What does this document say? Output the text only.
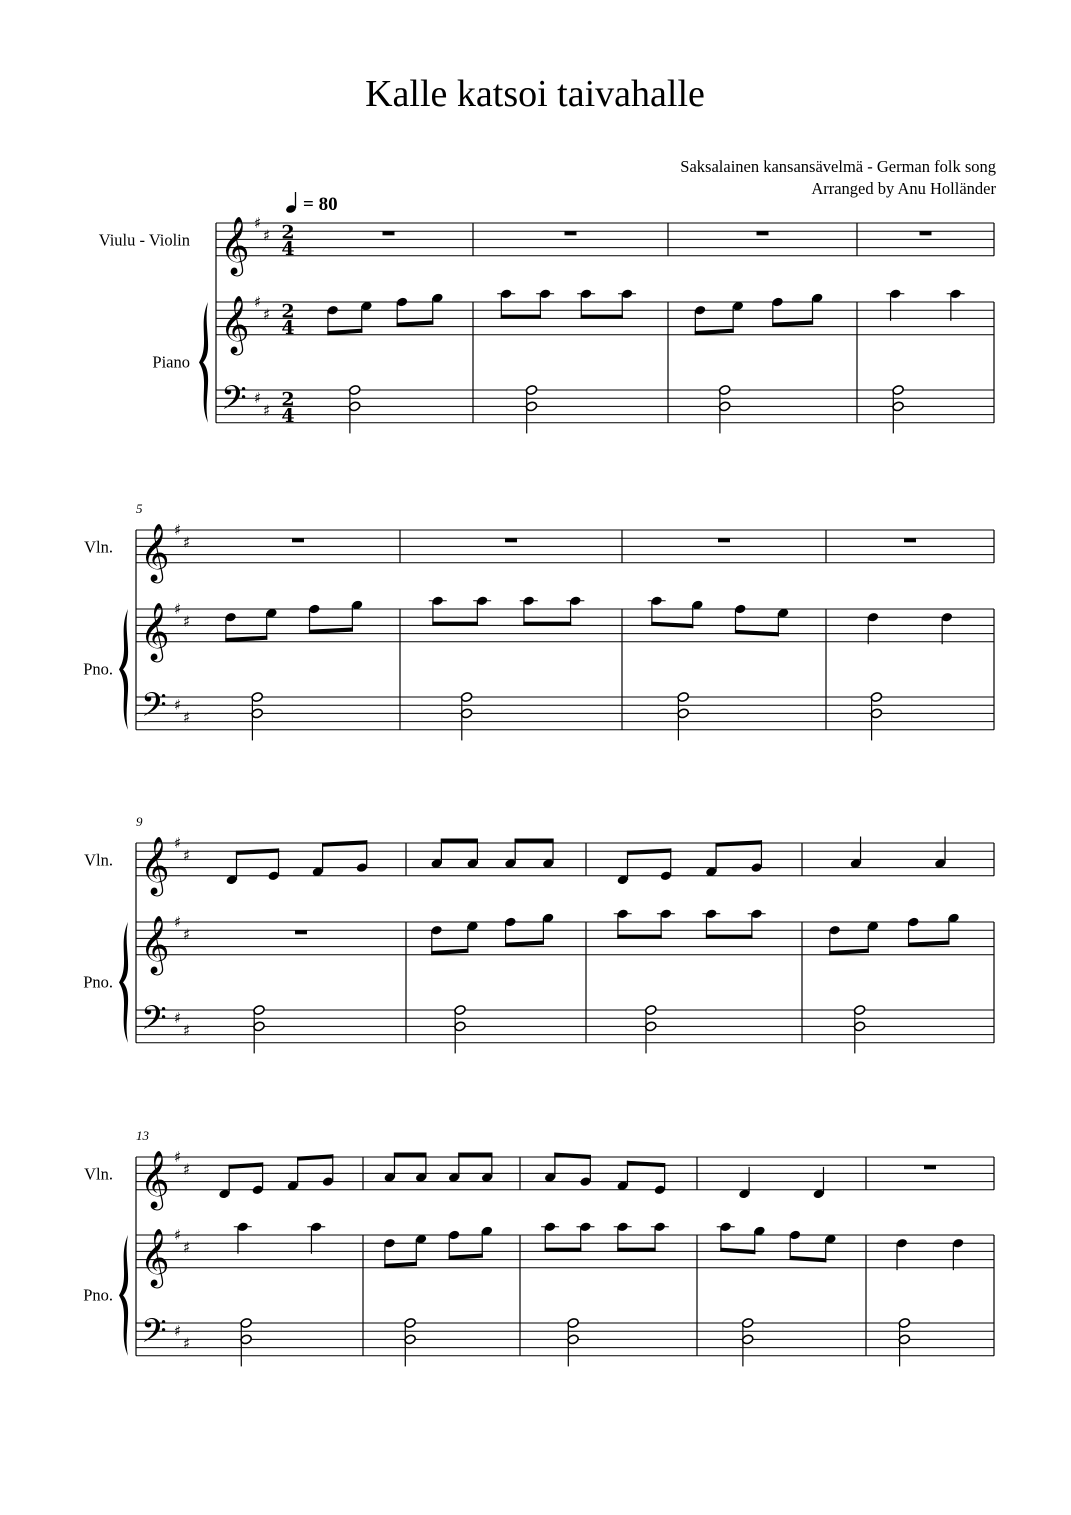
Kalle katsoi taivahalle
Saksalainen kansansävelmä - German folk song
Arranged by Anu Holländer
= 80
Viulu - Violin
Piano
𝄞
𝄞
𝄢
♯
♯
♯
♯
♯
♯
2
4
2
4
2
4
Vln.
Pno.
5
𝄞
𝄞
𝄢
♯
♯
♯
♯
♯
♯
Vln.
Pno.
9
𝄞
𝄞
𝄢
♯
♯
♯
♯
♯
♯
Vln.
Pno.
13
𝄞
𝄞
𝄢
♯
♯
♯
♯
♯
♯
